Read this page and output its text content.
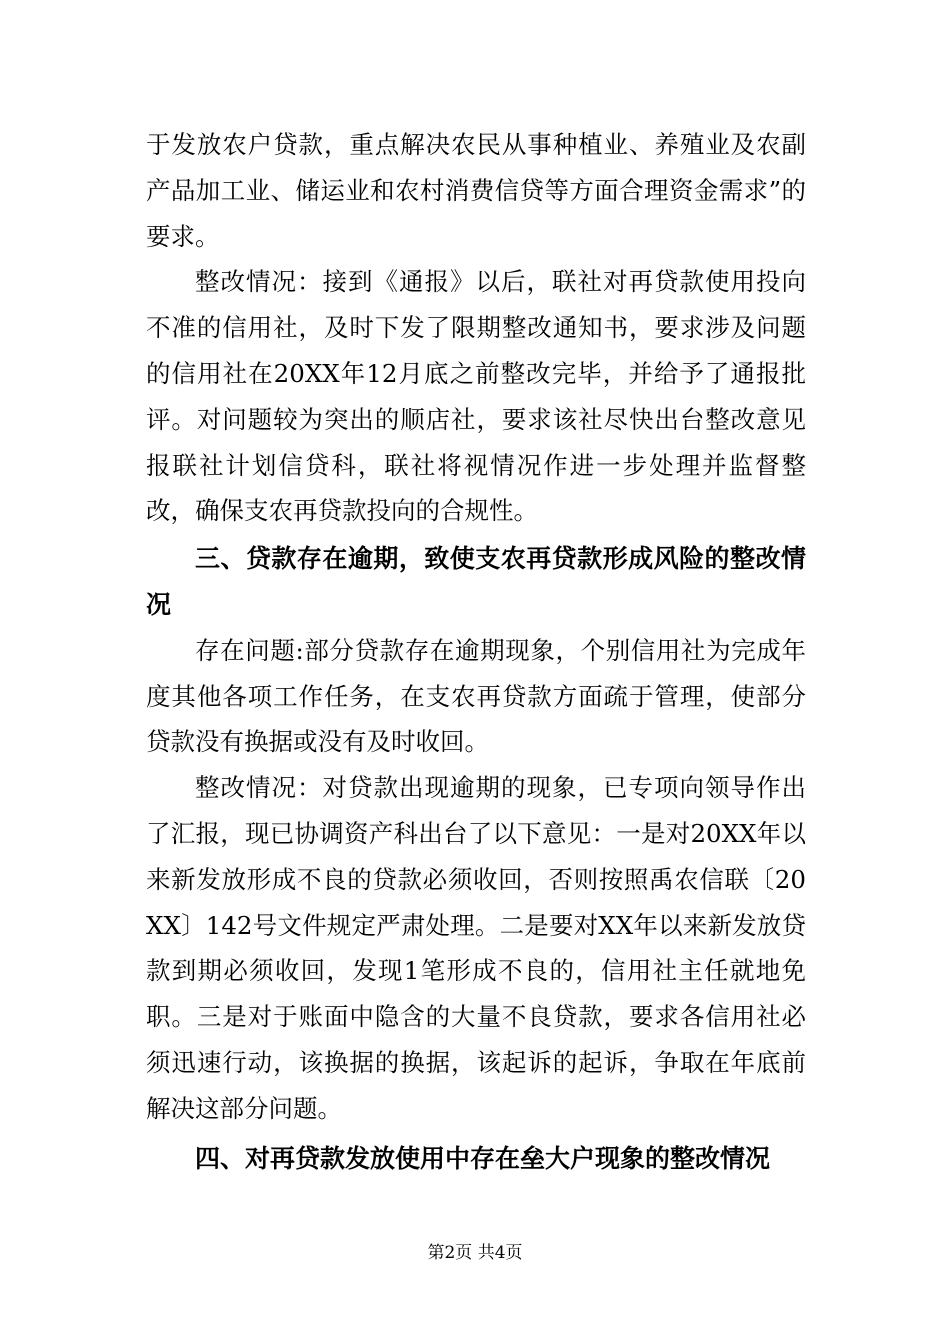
于发放农户贷款，重点解决农民从事种植业、养殖业及农副产品加工业、储运业和农村消费信贷等方面合理资金需求”的要求。

整改情况：接到《通报》以后，联社对再贷款使用投向不准的信用社，及时下发了限期整改通知书，要求涉及问题的信用社在20XX年12月底之前整改完毕，并给予了通报批评。对问题较为突出的顺店社，要求该社尽快出台整改意见报联社计划信贷科，联社将视情况作进一步处理并监督整改，确保支农再贷款投向的合规性。

三、贷款存在逾期，致使支农再贷款形成风险的整改情况

存在问题:部分贷款存在逾期现象，个别信用社为完成年度其他各项工作任务，在支农再贷款方面疏于管理，使部分贷款没有换据或没有及时收回。

整改情况：对贷款出现逾期的现象，已专项向领导作出了汇报，现已协调资产科出台了以下意见：一是对20XX年以来新发放形成不良的贷款必须收回，否则按照禹农信联〔20XX〕142号文件规定严肃处理。二是要对XX年以来新发放贷款到期必须收回，发现1笔形成不良的，信用社主任就地免职。三是对于账面中隐含的大量不良贷款，要求各信用社必须迅速行动，该换据的换据，该起诉的起诉，争取在年底前解决这部分问题。

四、对再贷款发放使用中存在垒大户现象的整改情况

第2页 共4页
